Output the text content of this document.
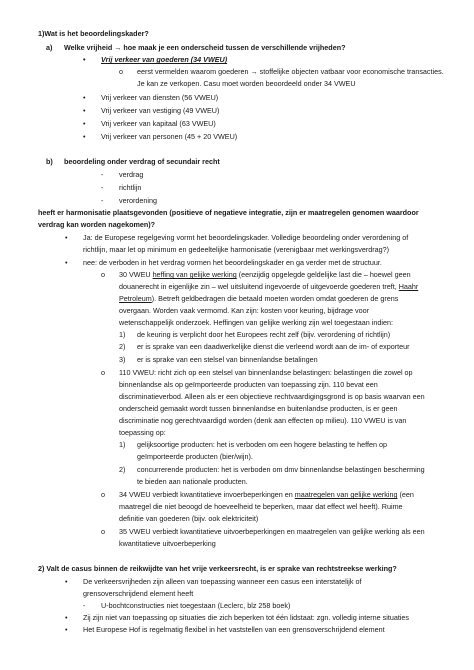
1)Wat is het beoordelingskader?
a) Welke vrijheid → hoe maak je een onderscheid tussen de verschillende vrijheden?
• Vrij verkeer van goederen (34 VWEU)
o eerst vermelden waarom goederen → stoffelijke objecten vatbaar voor economische transacties.
Je kan ze verkopen. Casu moet worden beoordeeld onder 34 VWEU
• Vrij verkeer van diensten (56 VWEU)
• Vrij verkeer van vestiging (49 VWEU)
• Vrij verkeer van kapitaal (63 VWEU)
• Vrij verkeer van personen (45 + 20 VWEU)
b) beoordeling onder verdrag of secundair recht
- verdrag
- richtlijn
- verordening
heeft er harmonisatie plaatsgevonden (positieve of negatieve integratie, zijn er maatregelen genomen waardoor
verdrag kan worden nagekomen)?
• Ja: de Europese regelgeving vormt het beoordelingskader. Volledige beoordeling onder verordening of
richtlijn, maar let op minimum en gedeeltelijke harmonisatie (verenigbaar met werkingsverdrag?)
• nee: de verboden in het verdrag vormen het beoordelingskader en ga verder met de structuur.
o 30 VWEU heffing van gelijke werking (eenzijdig opgelegde geldelijke last die – hoewel geen
douanerecht in eigenlijke zin – wel uitsluitend ingevoerde of uitgevoerde goederen treft, Haahr
Petroleum). Betreft geldbedragen die betaald moeten worden omdat goederen de grens
overgaan. Worden vaak vermomd. Kan zijn: kosten voor keuring, bijdrage voor
wetenschappelijk onderzoek. Heffingen van gelijke werking zijn wel toegestaan indien:
1) de keuring is verplicht door het Europees recht zelf (bijv. verordening of richtlijn)
2) er is sprake van een daadwerkelijke dienst die verleend wordt aan de im- of exporteur
3) er is sprake van een stelsel van binnenlandse betalingen
o 110 VWEU: richt zich op een stelsel van binnenlandse belastingen: belastingen die zowel op
binnenlandse als op geïmporteerde producten van toepassing zijn. 110 bevat een
discriminatieverbod. Alleen als er een objectieve rechtvaardigingsgrond is op basis waarvan een
onderscheid gemaakt wordt tussen binnenlandse en buitenlandse producten, is er geen
discriminatie nog gerechtvaardigd worden (denk aan effecten op milieu). 110 VWEU is van
toepassing op:
1) gelijksoortige producten: het is verboden om een hogere belasting te heffen op
geïmporteerde producten (bier/wijn).
2) concurrerende producten: het is verboden om dmv binnenlandse belastingen bescherming
te bieden aan nationale producten.
o 34 VWEU verbiedt kwantitatieve invoerbeperkingen en maatregelen van gelijke werking (een
maatregel die niet beoogd de hoeveelheid te beperken, maar dat effect wel heeft). Ruime
definitie van goederen (bijv. ook elektriciteit)
o 35 VWEU verbiedt kwantitatieve uitvoerbeperkingen en maatregelen van gelijke werking als een
kwantitatieve uitvoerbeperking
2) Valt de casus binnen de reikwijdte van het vrije verkeersrecht, is er sprake van rechtstreekse werking?
• De verkeersvrijheden zijn alleen van toepassing wanneer een casus een interstatelijk of
grensoverschrijdend element heeft
- U-bochtconstructies niet toegestaan (Leclerc, blz 258 boek)
• Zij zijn niet van toepassing op situaties die zich beperken tot één lidstaat: zgn. volledig interne situaties
• Het Europese Hof is regelmatig flexibel in het vaststellen van een grensoverschrijdend element
